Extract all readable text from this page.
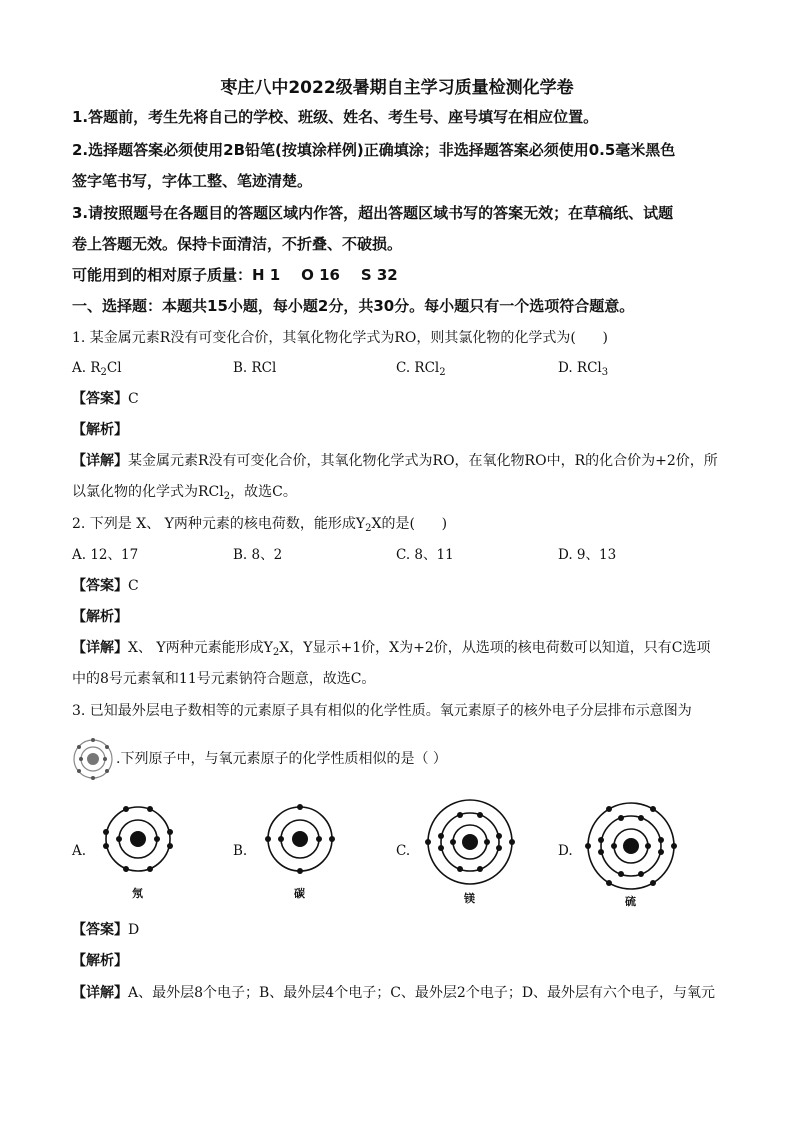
枣庄八中2022级暑期自主学习质量检测化学卷
1.答题前，考生先将自己的学校、班级、姓名、考生号、座号填写在相应位置。
2.选择题答案必须使用2B铅笔(按填涂样例)正确填涂；非选择题答案必须使用0.5毫米黑色
签字笔书写，字体工整、笔迹清楚。
3.请按照题号在各题目的答题区域内作答，超出答题区域书写的答案无效；在草稿纸、试题
卷上答题无效。保持卡面清洁，不折叠、不破损。
可能用到的相对原子质量：H 1    O 16    S 32
一、选择题：本题共15小题，每小题2分，共30分。每小题只有一个选项符合题意。
1. 某金属元素R没有可变化合价，其氧化物化学式为RO，则其氯化物的化学式为(      )
A. $R_2Cl$	B. RCl	C. RCl$_2$	D. RCl$_3$
【答案】C
【解析】
【详解】某金属元素R没有可变化合价，其氧化物化学式为RO，在氧化物RO中，R的化合价为+2价，所
以氯化物的化学式为RCl$_2$，故选C。
2. 下列是 X、 Y两种元素的核电荷数，能形成$Y_2X$的是(      )
A. 12、17	B. 8、2	C. 8、11	D. 9、13
【答案】C
【解析】
【详解】X、 Y两种元素能形成$Y_2X$，Y显示+1价，X为+2价，从选项的核电荷数可以知道，只有C选项
中的8号元素氧和11号元素钠符合题意，故选C。
3. 已知最外层电子数相等的元素原子具有相似的化学性质。氧元素原子的核外电子分层排布示意图为
.下列原子中，与氧元素原子的化学性质相似的是（ ）
A.
氖
B.
碳
C.
镁
D.
硫
【答案】D
【解析】
【详解】A、最外层8个电子；B、最外层4个电子；C、最外层2个电子；D、最外层有六个电子，与氧元
